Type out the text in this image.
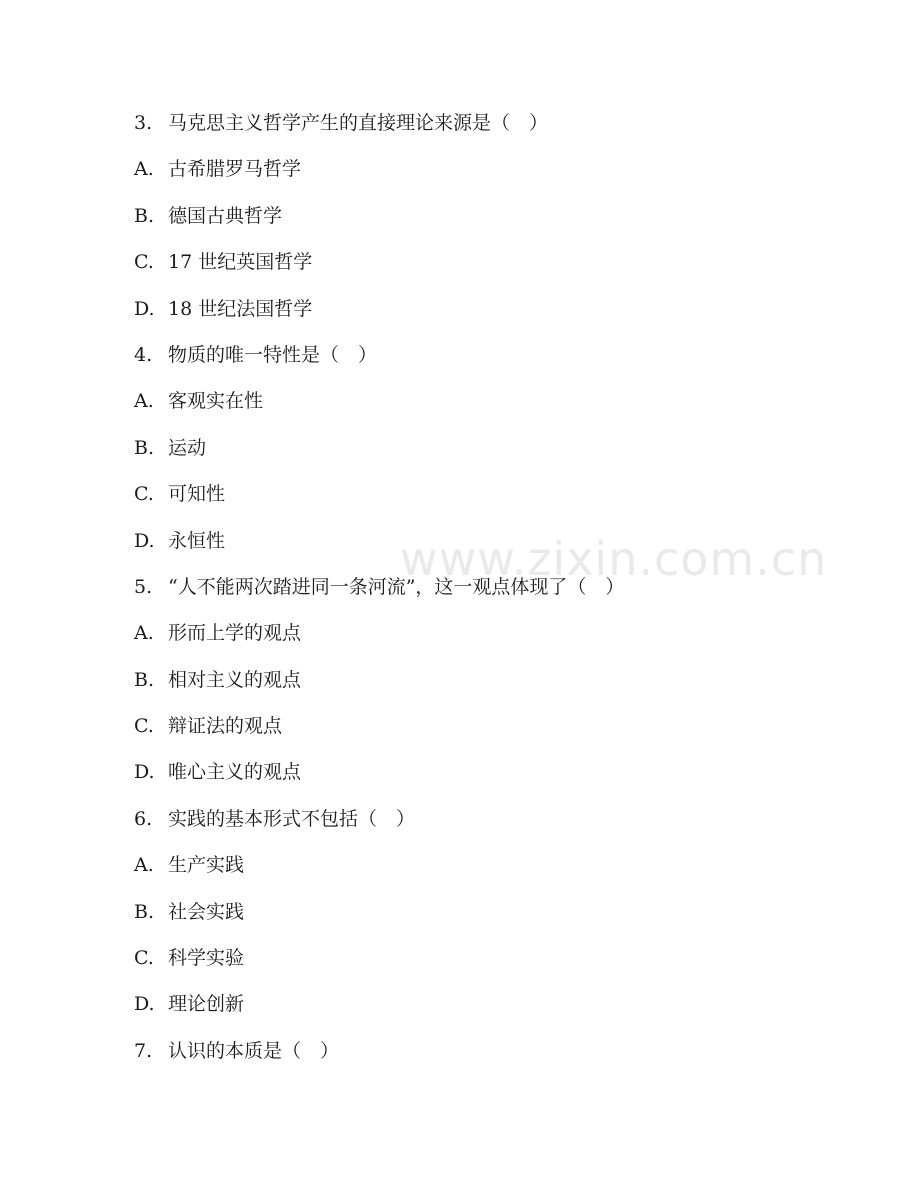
www.zixin.com.cn
3. 马克思主义哲学产生的直接理论来源是（　）
A. 古希腊罗马哲学
B. 德国古典哲学
C. 17 世纪英国哲学
D. 18 世纪法国哲学
4. 物质的唯一特性是（　）
A. 客观实在性
B. 运动
C. 可知性
D. 永恒性
5. “人不能两次踏进同一条河流”，这一观点体现了（　）
A. 形而上学的观点
B. 相对主义的观点
C. 辩证法的观点
D. 唯心主义的观点
6. 实践的基本形式不包括（　）
A. 生产实践
B. 社会实践
C. 科学实验
D. 理论创新
7. 认识的本质是（　）
